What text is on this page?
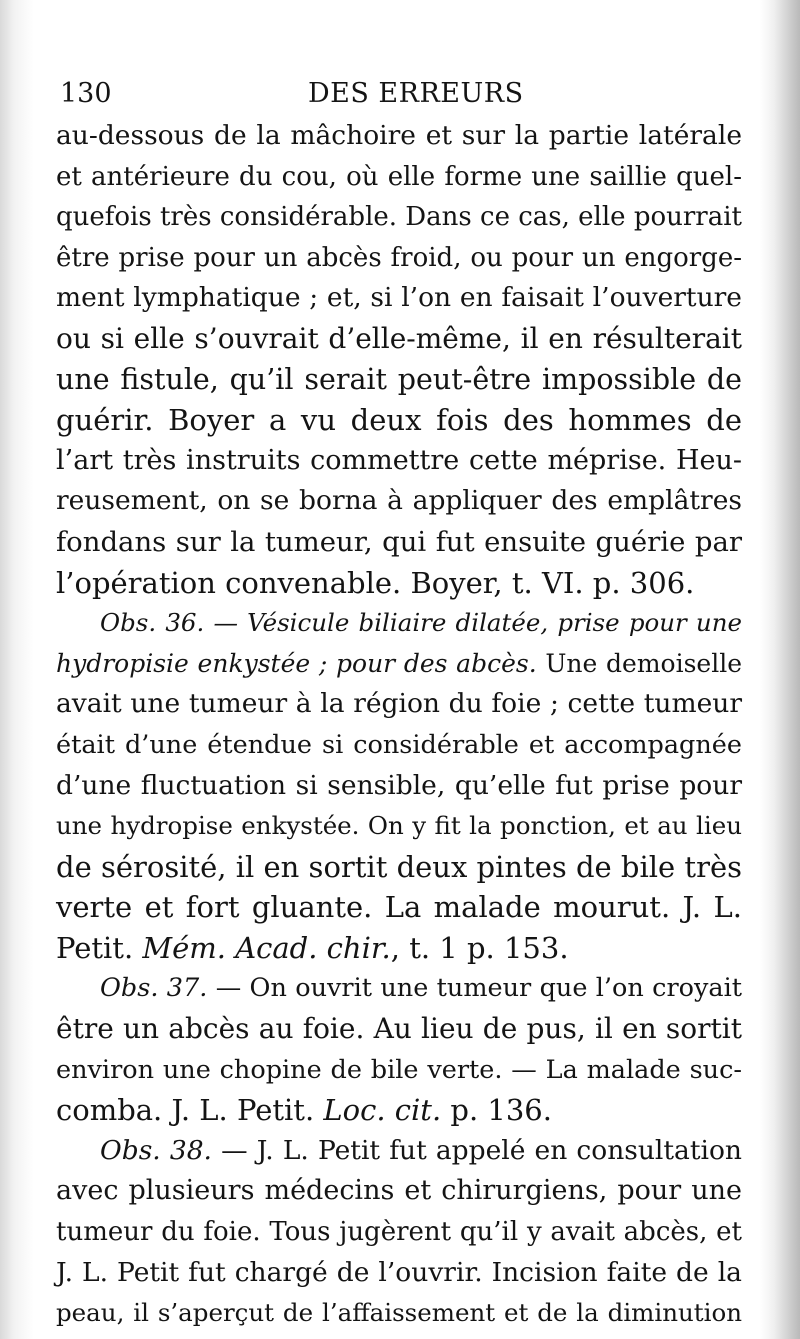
130	DES ERREURS
au-dessous de la mâchoire et sur la partie latérale
et antérieure du cou, où elle forme une saillie quel-
quefois très considérable. Dans ce cas, elle pourrait
être prise pour un abcès froid, ou pour un engorge-
ment lymphatique ; et, si l’on en faisait l’ouverture
ou si elle s’ouvrait d’elle-même, il en résulterait
une fistule, qu’il serait peut-être impossible de
guérir. Boyer a vu deux fois des hommes de
l’art très instruits commettre cette méprise. Heu-
reusement, on se borna à appliquer des emplâtres
fondans sur la tumeur, qui fut ensuite guérie par
l’opération convenable. Boyer, t. VI. p. 306.
Obs. 36. — Vésicule biliaire dilatée, prise pour une
hydropisie enkystée ; pour des abcès. Une demoiselle
avait une tumeur à la région du foie ; cette tumeur
était d’une étendue si considérable et accompagnée
d’une fluctuation si sensible, qu’elle fut prise pour
une hydropise enkystée. On y fit la ponction, et au lieu
de sérosité, il en sortit deux pintes de bile très
verte et fort gluante. La malade mourut. J. L.
Petit. Mém. Acad. chir., t. 1 p. 153.
Obs. 37. — On ouvrit une tumeur que l’on croyait
être un abcès au foie. Au lieu de pus, il en sortit
environ une chopine de bile verte. — La malade suc-
comba. J. L. Petit. Loc. cit. p. 136.
Obs. 38. — J. L. Petit fut appelé en consultation
avec plusieurs médecins et chirurgiens, pour une
tumeur du foie. Tous jugèrent qu’il y avait abcès, et
J. L. Petit fut chargé de l’ouvrir. Incision faite de la
peau, il s’aperçut de l’affaissement et de la diminution
